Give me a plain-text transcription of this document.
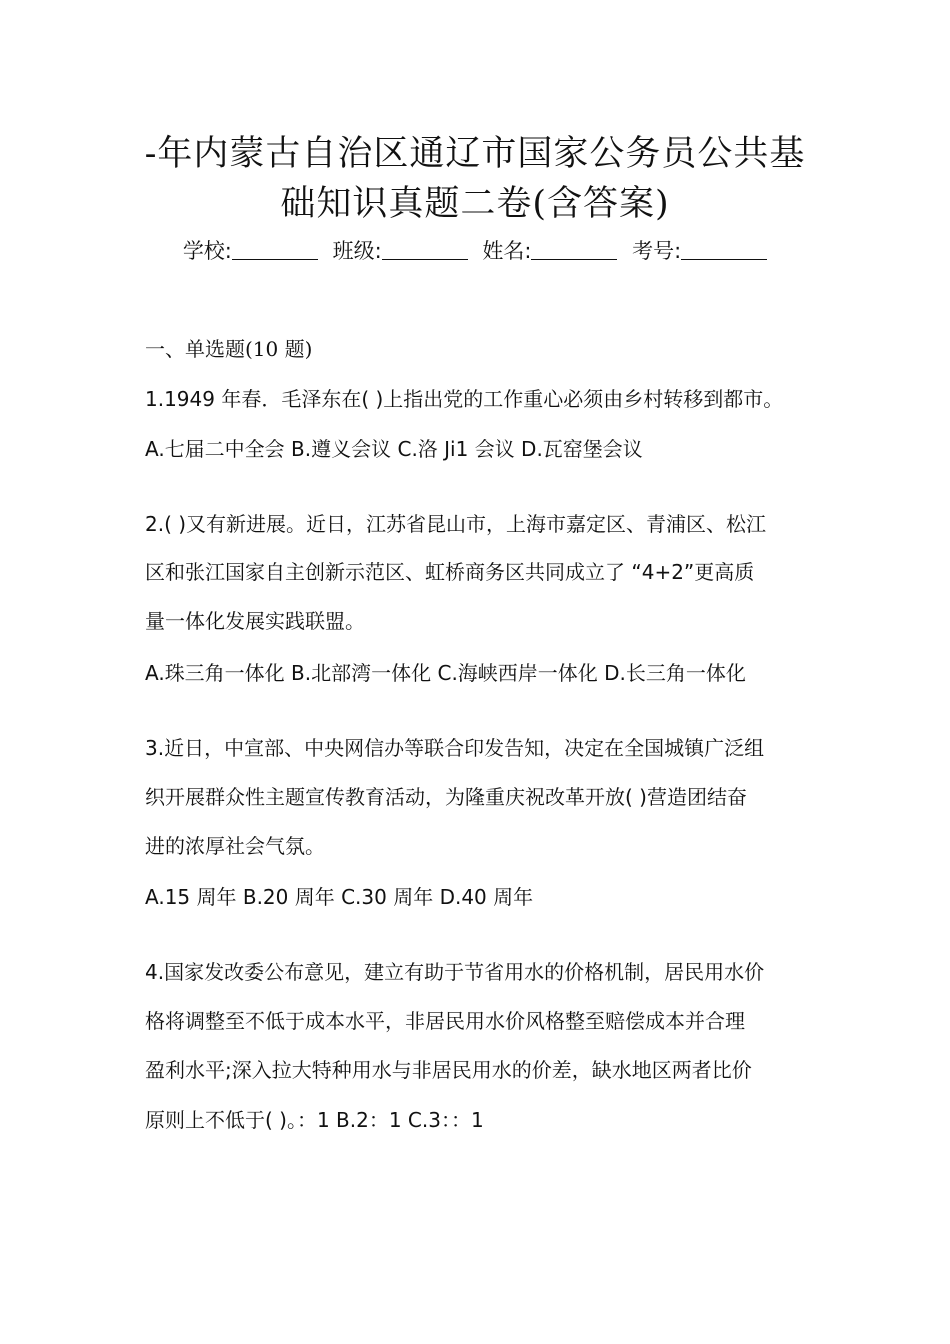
-年内蒙古自治区通辽市国家公务员公共基
础知识真题二卷(含答案)
学校:	班级:	姓名:	考号:
一、单选题(10 题)
1.1949 年春．毛泽东在( )上指出党的工作重心必须由乡村转移到都市。
A.七届二中全会 B.遵义会议 C.洛 Ji1 会议 D.瓦窑堡会议
2.( )又有新进展。近日，江苏省昆山市，上海市嘉定区、青浦区、松江
区和张江国家自主创新示范区、虹桥商务区共同成立了 “4+2”更高质
量一体化发展实践联盟。
A.珠三角一体化 B.北部湾一体化 C.海峡西岸一体化 D.长三角一体化
3.近日，中宣部、中央网信办等联合印发告知，决定在全国城镇广泛组
织开展群众性主题宣传教育活动，为隆重庆祝改革开放( )营造团结奋
进的浓厚社会气氛。
A.15 周年 B.20 周年 C.30 周年 D.40 周年
4.国家发改委公布意见，建立有助于节省用水的价格机制，居民用水价
格将调整至不低于成本水平，非居民用水价风格整至赔偿成本并合理
盈利水平;深入拉大特种用水与非居民用水的价差，缺水地区两者比价
原则上不低于( )。：1 B.2：1 C.3：：1
